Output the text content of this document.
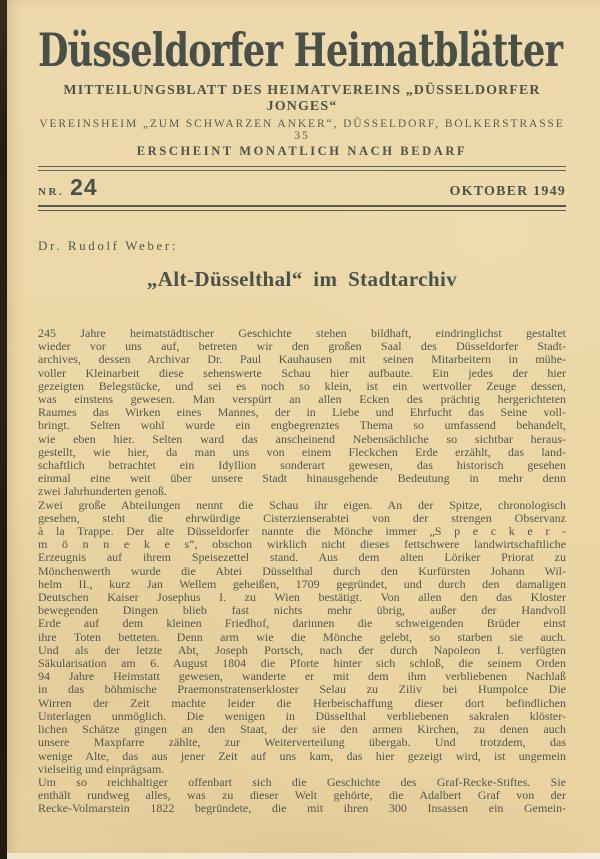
Düsseldorfer Heimatblätter
MITTEILUNGSBLATT DES HEIMATVEREINS „DÜSSELDORFER JONGES“
VEREINSHEIM „ZUM SCHWARZEN ANKER“, DÜSSELDORF, BOLKERSTRASSE 35
ERSCHEINT MONATLICH NACH BEDARF
NR. 24	OKTOBER 1949
Dr. Rudolf Weber:
„Alt-Düsselthal“ im Stadtarchiv
245 Jahre heimatstädtischer Geschichte stehen bildhaft, eindringlichst gestaltet
wieder vor uns auf, betreten wir den großen Saal des Düsseldorfer Stadt-
archives, dessen Archivar Dr. Paul Kauhausen mit seinen Mitarbeitern in mühe-
voller Kleinarbeit diese sehenswerte Schau hier aufbaute. Ein jedes der hier
gezeigten Belegstücke, und sei es noch so klein, ist ein wertvoller Zeuge dessen,
was einstens gewesen. Man verspürt an allen Ecken des prächtig hergerichteten
Raumes das Wirken eines Mannes, der in Liebe und Ehrfucht das Seine voll-
bringt. Selten wohl wurde ein engbegrenztes Thema so umfassend behandelt,
wie eben hier. Selten ward das anscheinend Nebensächliche so sichtbar heraus-
gestellt, wie hier, da man uns von einem Fleckchen Erde erzählt, das land-
schaftlich betrachtet ein Idyllion sonderart gewesen, das historisch gesehen
einmal eine weit über unsere Stadt hinausgehende Bedeutung in mehr denn
zwei Jahrhunderten genoß.
Zwei große Abteilungen nennt die Schau ihr eigen. An der Spitze, chronologisch
gesehen, steht die ehrwürdige Cisterzienserabtei von der strengen Observanz
à la Trappe. Der alte Düsseldorfer nannte die Mönche immer „S p e c k e r -
m ö n n e k e s“, obschon wirklich nicht dieses fettschwere landwirtschaftliche
Erzeugnis auf ihrem Speisezettel stand. Aus dem alten Löriker Priorat zu
Mönchenwerth wurde die Abtei Düsselthal durch den Kurfürsten Johann Wil-
helm II., kurz Jan Wellem geheißen, 1709 gegründet, und durch den damaligen
Deutschen Kaiser Josephus I. zu Wien bestätigt. Von allen den das Kloster
bewegenden Dingen blieb fast nichts mehr übrig, außer der Handvoll
Erde auf dem kleinen Friedhof, darinnen die schweigenden Brüder einst
ihre Toten betteten. Denn arm wie die Mönche gelebt, so starben sie auch.
Und als der letzte Abt, Joseph Portsch, nach der durch Napoleon I. verfügten
Säkularisation am 6. August 1804 die Pforte hinter sich schloß, die seinem Orden
94 Jahre Heimstatt gewesen, wanderte er mit dem ihm verbliebenen Nachlaß
in das böhmische Praemonstratenserkloster Selau zu Ziliv bei Humpolce Die
Wirren der Zeit machte leider die Herbeischaffung dieser dort befindlichen
Unterlagen unmöglich. Die wenigen in Düsselthal verbliebenen sakralen klöster-
lichen Schätze gingen an den Staat, der sie den armen Kirchen, zu denen auch
unsere Maxpfarre zählte, zur Weiterverteilung übergab. Und trotzdem, das
wenige Alte, das aus jener Zeit auf uns kam, das hier gezeigt wird, ist ungemein
vielseitig und einprägsam.
Um so reichhaltiger offenbart sich die Geschichte des Graf-Recke-Stiftes. Sie
enthält rundweg alles, was zu dieser Welt gehörte, die Adalbert Graf von der
Recke-Volmarstein 1822 begründete, die mit ihren 300 Insassen ein Gemein-
